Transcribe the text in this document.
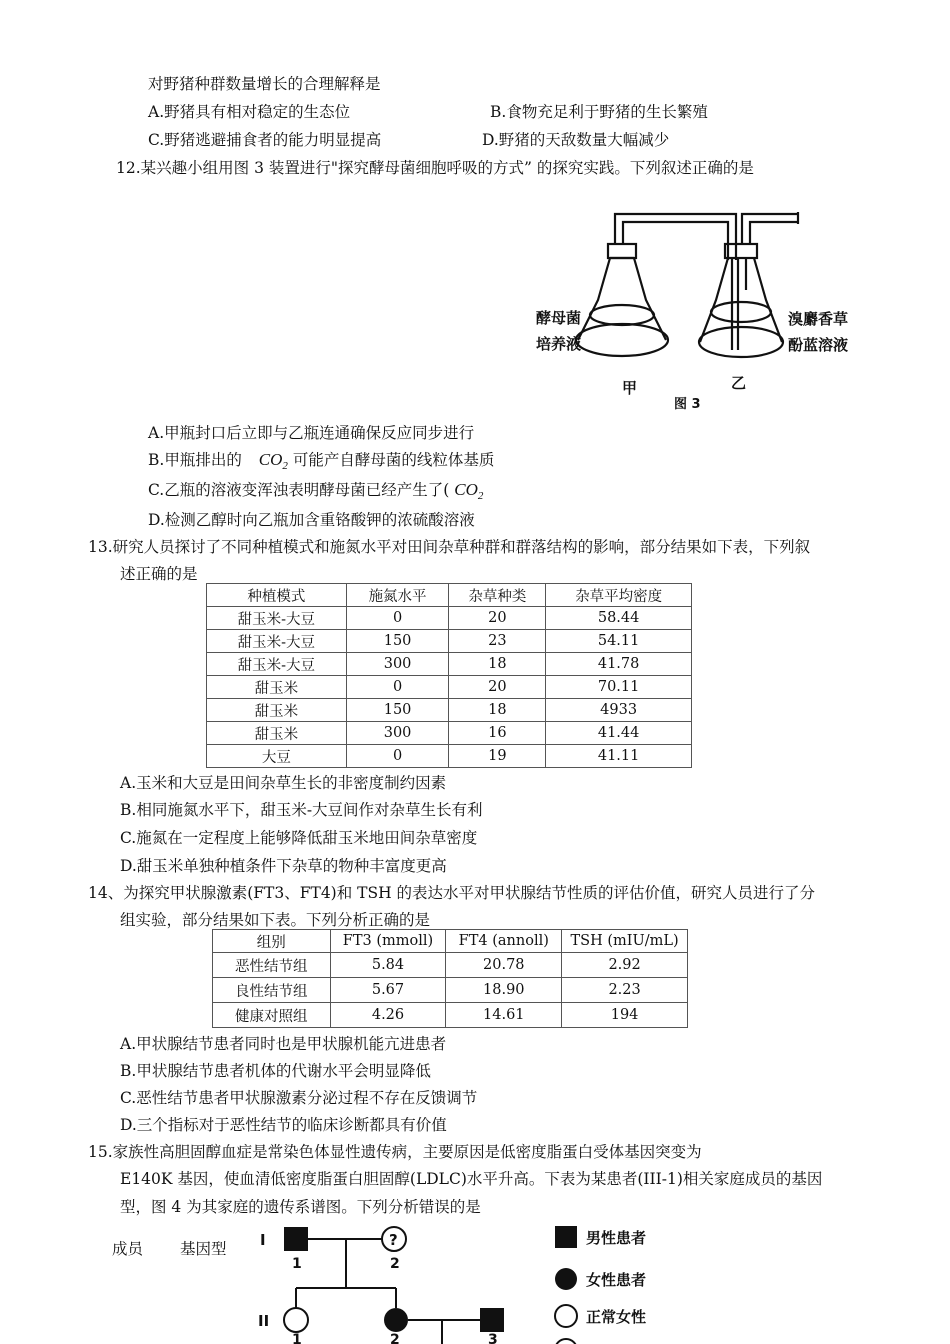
对野猪种群数量增长的合理解释是
A.野猪具有相对稳定的生态位	B.食物充足利于野猪的生长繁殖
C.野猪逃避捕食者的能力明显提高	D.野猪的天敌数量大幅减少
12.某兴趣小组用图 3 装置进行"探究酵母菌细胞呼吸的方式” 的探究实践。下列叙述正确的是
酵母菌
培养液
溴麝香草
酚蓝溶液
甲	乙
图 3
A.甲瓶封口后立即与乙瓶连通确保反应同步进行
B.甲瓶排出的 $CO_2$ 可能产自酵母菌的线粒体基质
C.乙瓶的溶液变浑浊表明酵母菌已经产生了( $CO_2$
D.检测乙醇时向乙瓶加含重铬酸钾的浓硫酸溶液
13.研究人员探讨了不同种植模式和施氮水平对田间杂草种群和群落结构的影响，部分结果如下表，下列叙
述正确的是
种植模式	施氮水平	杂草种类	杂草平均密度
甜玉米-大豆	0	20	58.44
甜玉米-大豆	150	23	54.11
甜玉米-大豆	300	18	41.78
甜玉米	0	20	70.11
甜玉米	150	18	4933
甜玉米	300	16	41.44
大豆	0	19	41.11
A.玉米和大豆是田间杂草生长的非密度制约因素
B.相同施氮水平下，甜玉米-大豆间作对杂草生长有利
C.施氮在一定程度上能够降低甜玉米地田间杂草密度
D.甜玉米单独种植条件下杂草的物种丰富度更高
14、为探究甲状腺激素(FT3、FT4)和 TSH 的表达水平对甲状腺结节性质的评估价值，研究人员进行了分
组实验，部分结果如下表。下列分析正确的是
组别	FT3 (mmoll)	FT4 (annoll)	TSH (mIU/mL)
恶性结节组	5.84	20.78	2.92
良性结节组	5.67	18.90	2.23
健康对照组	4.26	14.61	194
A.甲状腺结节患者同时也是甲状腺机能亢进患者
B.甲状腺结节患者机体的代谢水平会明显降低
C.恶性结节患者甲状腺激素分泌过程不存在反馈调节
D.三个指标对于恶性结节的临床诊断都具有价值
15.家族性高胆固醇血症是常染色体显性遗传病，主要原因是低密度脂蛋白受体基因突变为
E140K 基因，使血清低密度脂蛋白胆固醇(LDLC)水平升高。下表为某患者(III-1)相关家庭成员的基因
型，图 4 为其家庭的遗传系谱图。下列分析错误的是
成员 基因型	?
I
1	2
II
1	2	3
男性患者
女性患者
正常女性
